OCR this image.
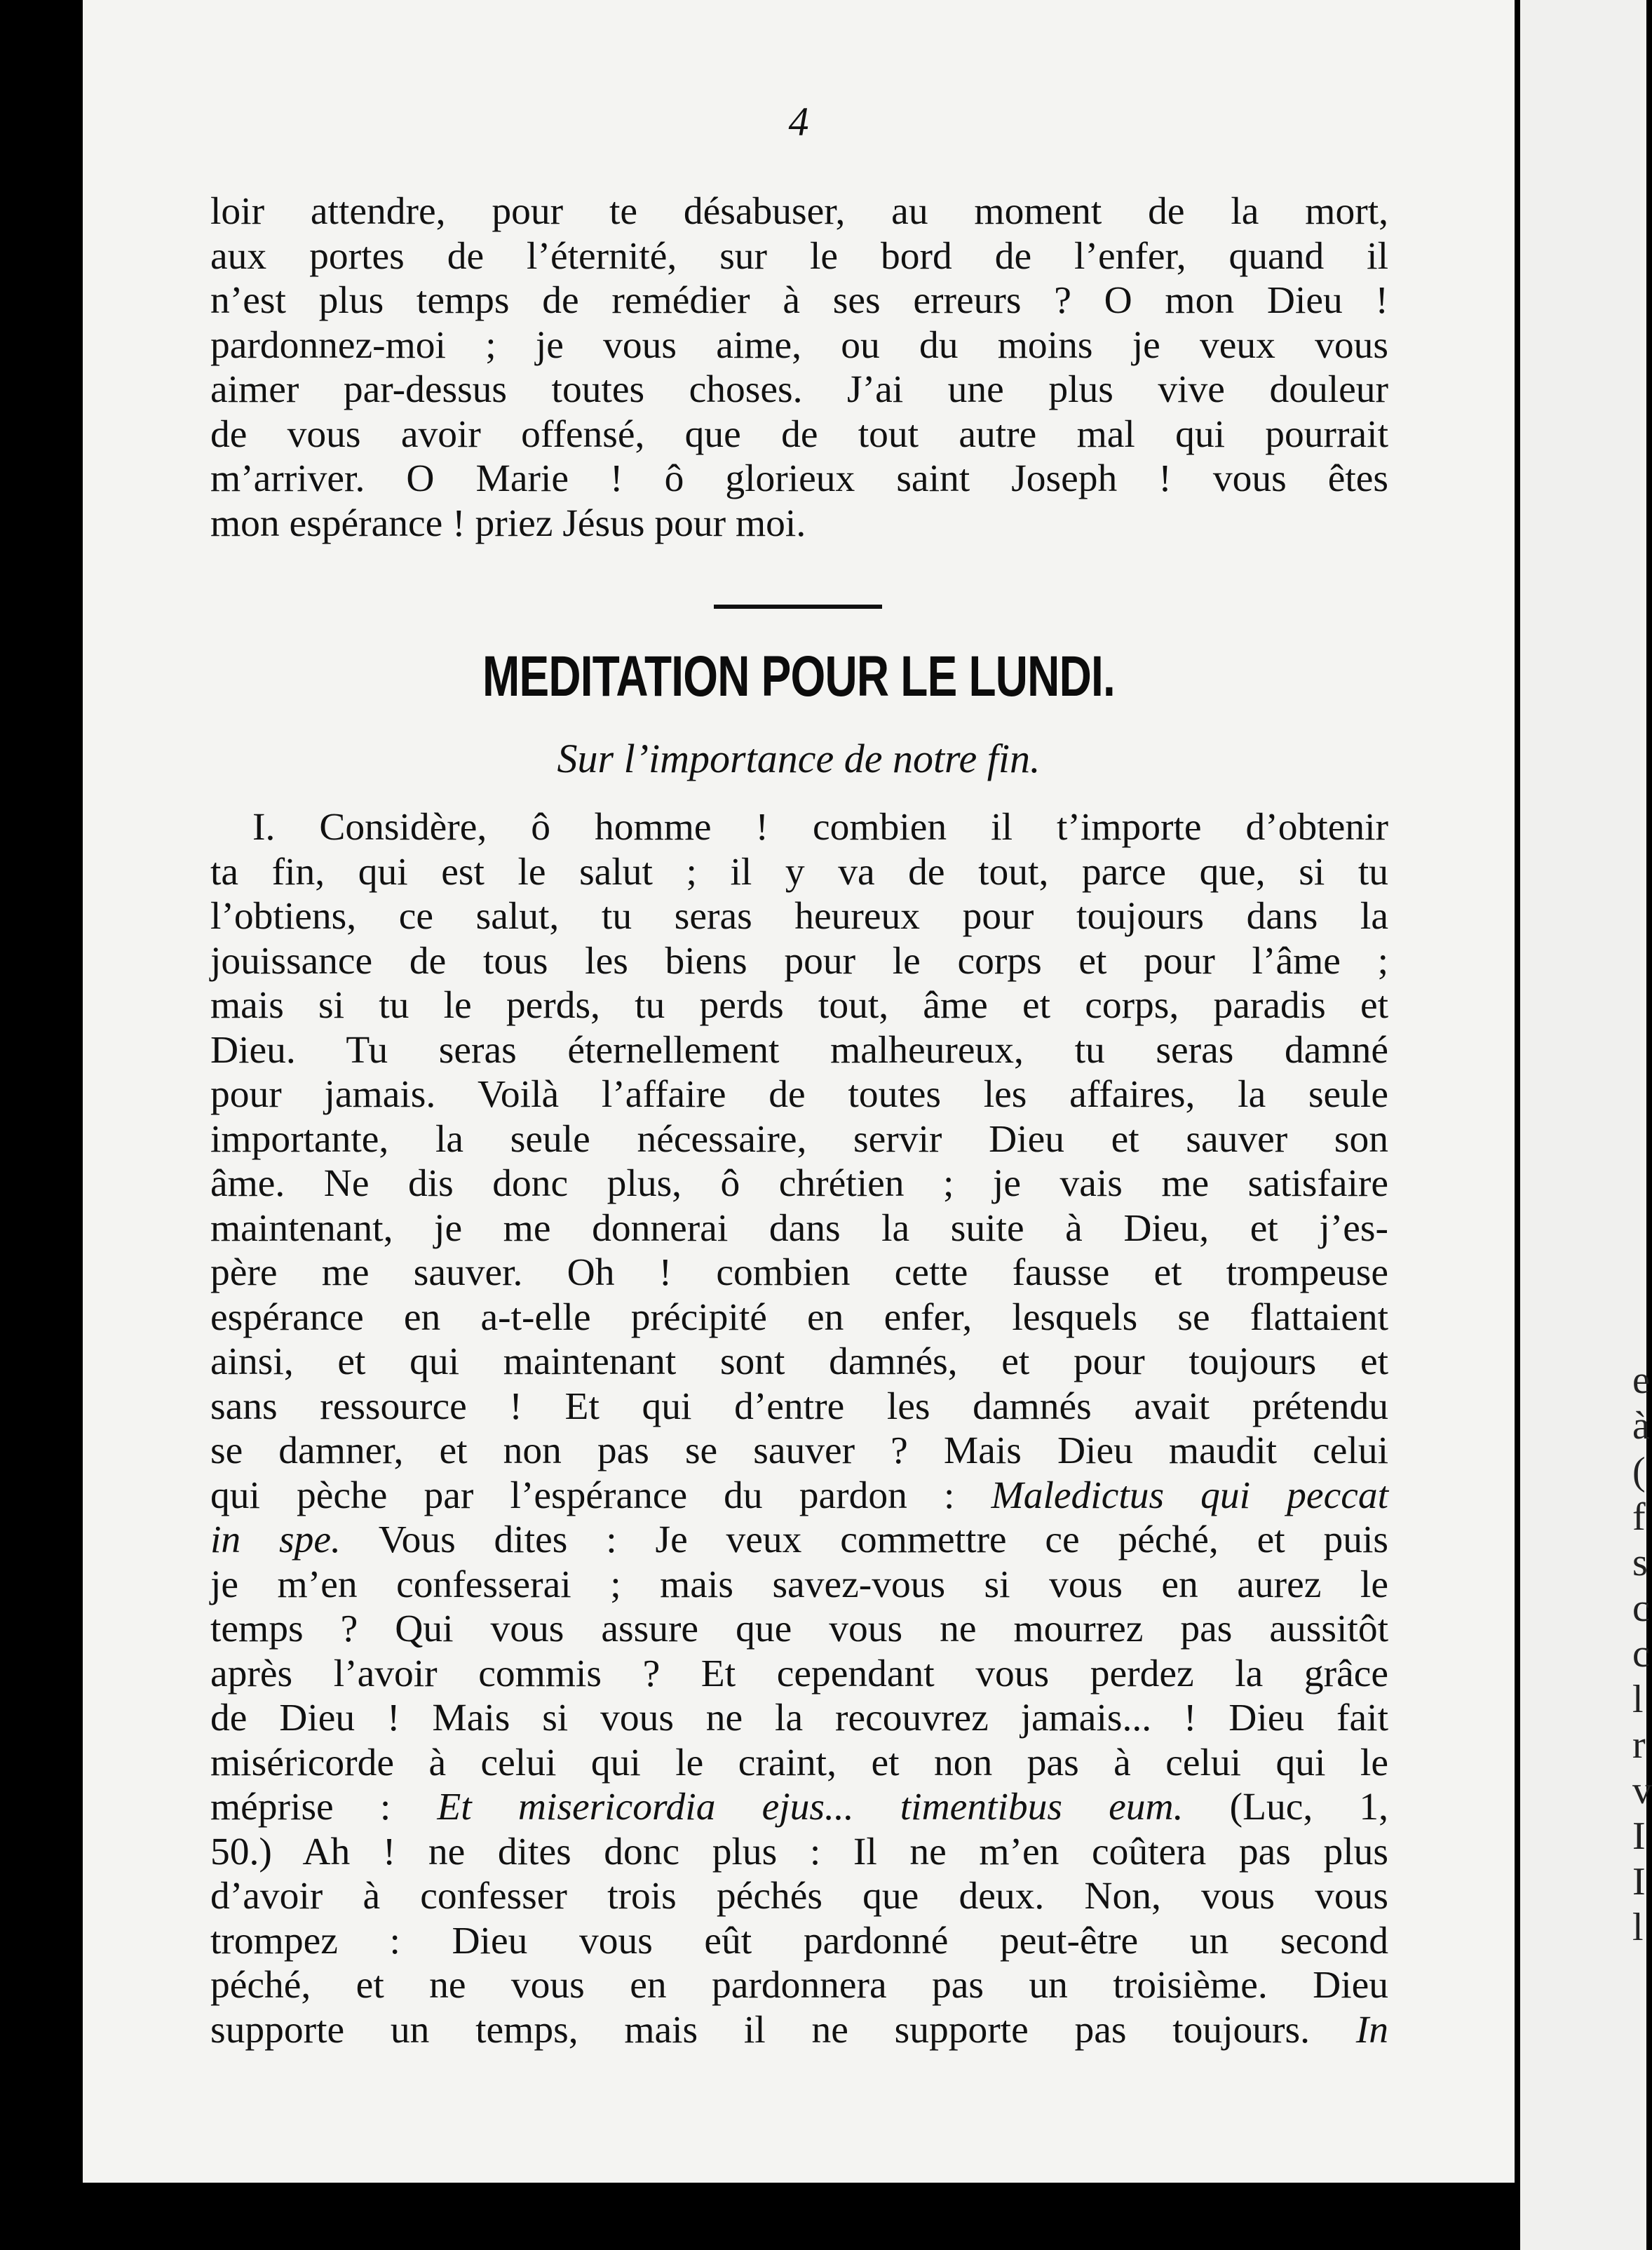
4
loir attendre, pour te désabuser, au moment de la mort,
aux portes de l’éternité, sur le bord de l’enfer, quand il
n’est plus temps de remédier à ses erreurs ? O mon Dieu !
pardonnez-moi ; je vous aime, ou du moins je veux vous
aimer par-dessus toutes choses. J’ai une plus vive douleur
de vous avoir offensé, que de tout autre mal qui pourrait
m’arriver. O Marie ! ô glorieux saint Joseph ! vous êtes
mon espérance ! priez Jésus pour moi.
MEDITATION POUR LE LUNDI.
Sur l’importance de notre fin.
I. Considère, ô homme ! combien il t’importe d’obtenir
ta fin, qui est le salut ; il y va de tout, parce que, si tu
l’obtiens, ce salut, tu seras heureux pour toujours dans la
jouissance de tous les biens pour le corps et pour l’âme ;
mais si tu le perds, tu perds tout, âme et corps, paradis et
Dieu. Tu seras éternellement malheureux, tu seras damné
pour jamais. Voilà l’affaire de toutes les affaires, la seule
importante, la seule nécessaire, servir Dieu et sauver son
âme. Ne dis donc plus, ô chrétien ; je vais me satisfaire
maintenant, je me donnerai dans la suite à Dieu, et j’es-
père me sauver. Oh ! combien cette fausse et trompeuse
espérance en a-t-elle précipité en enfer, lesquels se flattaient
ainsi, et qui maintenant sont damnés, et pour toujours et
sans ressource ! Et qui d’entre les damnés avait prétendu
se damner, et non pas se sauver ? Mais Dieu maudit celui
qui pèche par l’espérance du pardon : Maledictus qui peccat
in spe. Vous dites : Je veux commettre ce péché, et puis
je m’en confesserai ; mais savez-vous si vous en aurez le
temps ? Qui vous assure que vous ne mourrez pas aussitôt
après l’avoir commis ? Et cependant vous perdez la grâce
de Dieu ! Mais si vous ne la recouvrez jamais... ! Dieu fait
miséricorde à celui qui le craint, et non pas à celui qui le
méprise : Et misericordia ejus... timentibus eum. (Luc, 1,
50.) Ah ! ne dites donc plus : Il ne m’en coûtera pas plus
d’avoir à confesser trois péchés que deux. Non, vous vous
trompez : Dieu vous eût pardonné peut-être un second
péché, et ne vous en pardonnera pas un troisième. Dieu
supporte un temps, mais il ne supporte pas toujours. In
e
à
(
f
s
c
c
l
r
v
I
I
l
